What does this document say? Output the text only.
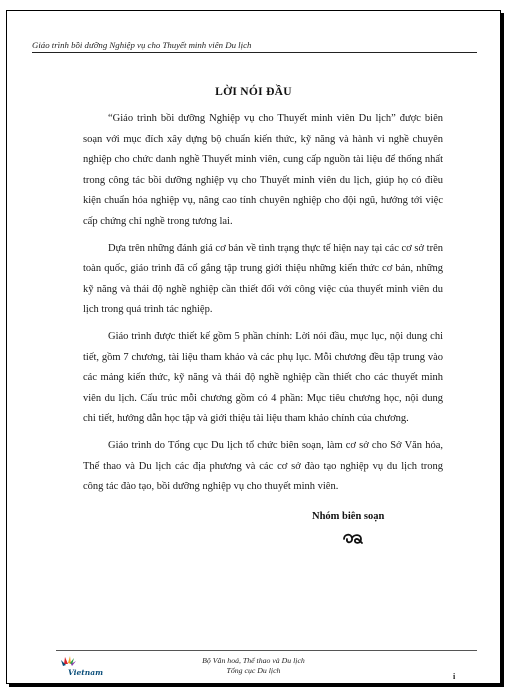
Giáo trình bồi dưỡng Nghiệp vụ cho Thuyết minh viên Du lịch
LỜI NÓI ĐẦU

“Giáo trình bồi dưỡng Nghiệp vụ cho Thuyết minh viên Du lịch” được biên soạn với mục đích xây dựng bộ chuẩn kiến thức, kỹ năng và hành vi nghề chuyên nghiệp cho chức danh nghề Thuyết minh viên, cung cấp nguồn tài liệu để thống nhất trong công tác bồi dưỡng nghiệp vụ cho Thuyết minh viên du lịch, giúp họ có điều kiện chuẩn hóa nghiệp vụ, nâng cao tính chuyên nghiệp cho đội ngũ, hướng tới việc cấp chứng chỉ nghề trong tương lai.

Dựa trên những đánh giá cơ bản về tình trạng thực tế hiện nay tại các cơ sở trên toàn quốc, giáo trình đã cố gắng tập trung giới thiệu những kiến thức cơ bản, những kỹ năng và thái độ nghề nghiệp cần thiết đối với công việc của thuyết minh viên du lịch trong quá trình tác nghiệp.

Giáo trình được thiết kế gồm 5 phần chính: Lời nói đầu, mục lục, nội dung chi tiết, gồm 7 chương, tài liệu tham khảo và các phụ lục. Mỗi chương đều tập trung vào các mảng kiến thức, kỹ năng và thái độ nghề nghiệp cần thiết cho các thuyết minh viên du lịch. Cấu trúc mỗi chương gồm có 4 phần: Mục tiêu chương học, nội dung chi tiết, hướng dẫn học tập và giới thiệu tài liệu tham khảo chính của chương.

Giáo trình do Tổng cục Du lịch tổ chức biên soạn, làm cơ sở cho Sở Văn hóa, Thể thao và Du lịch các địa phương và các cơ sở đào tạo nghiệp vụ du lịch trong công tác đào tạo, bồi dưỡng nghiệp vụ cho thuyết minh viên.

Nhóm biên soạn
Vietnam
Bộ Văn hoá, Thể thao và Du lịch
Tổng cục Du lịch
i
